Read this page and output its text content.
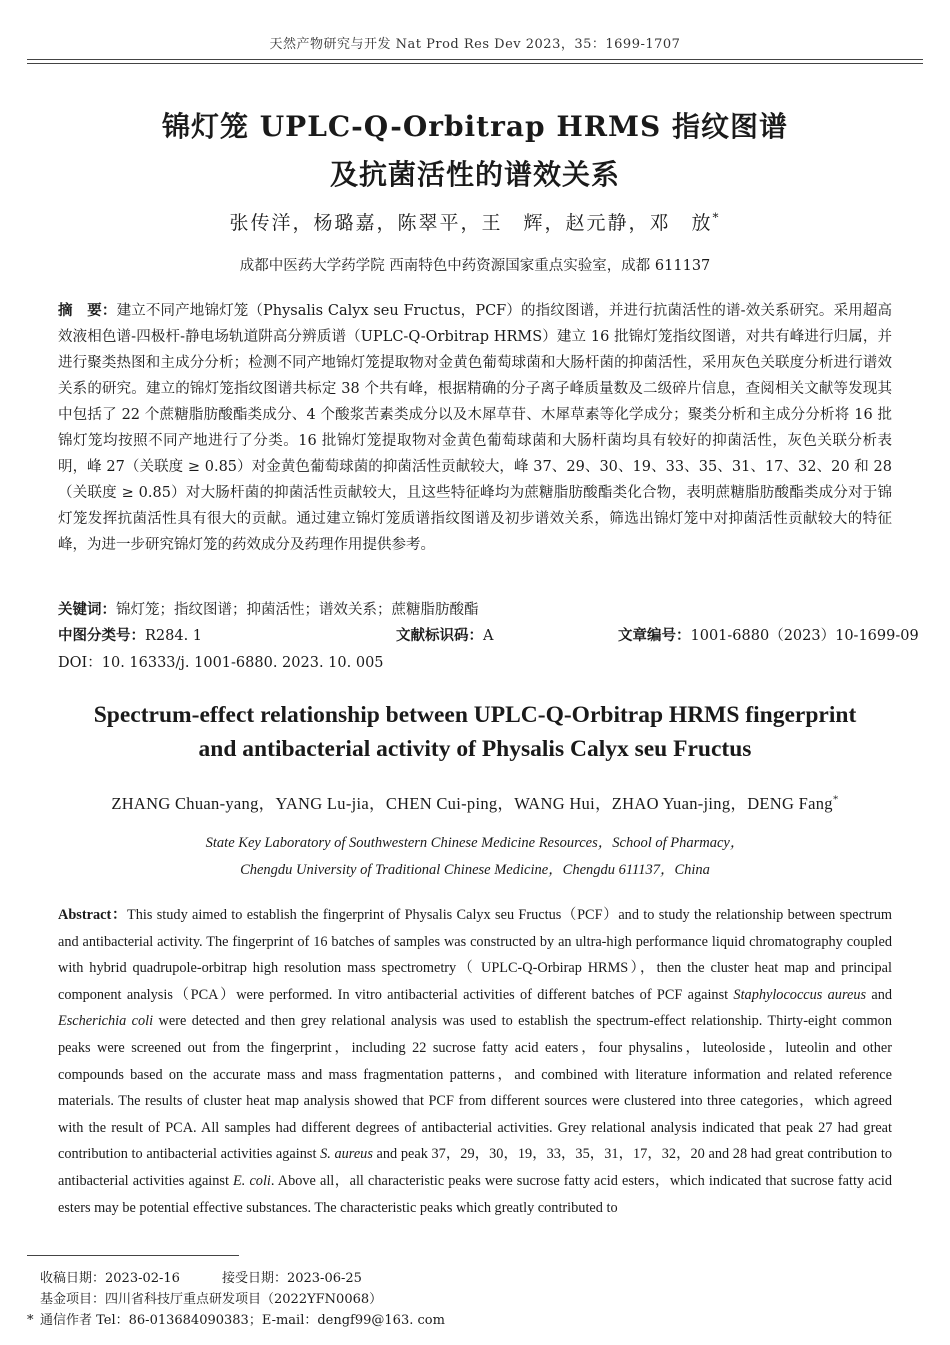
天然产物研究与开发 Nat Prod Res Dev 2023，35：1699-1707
锦灯笼 UPLC-Q-Orbitrap HRMS 指纹图谱
及抗菌活性的谱效关系
张传洋，杨璐嘉，陈翠平，王　辉，赵元静，邓　放*
成都中医药大学药学院 西南特色中药资源国家重点实验室，成都 611137
摘　要：建立不同产地锦灯笼（Physalis Calyx seu Fructus，PCF）的指纹图谱，并进行抗菌活性的谱-效关系研究。采用超高效液相色谱-四极杆-静电场轨道阱高分辨质谱（UPLC-Q-Orbitrap HRMS）建立 16 批锦灯笼指纹图谱，对共有峰进行归属，并进行聚类热图和主成分分析；检测不同产地锦灯笼提取物对金黄色葡萄球菌和大肠杆菌的抑菌活性，采用灰色关联度分析进行谱效关系的研究。建立的锦灯笼指纹图谱共标定 38 个共有峰，根据精确的分子离子峰质量数及二级碎片信息，查阅相关文献等发现其中包括了 22 个蔗糖脂肪酸酯类成分、4 个酸浆苦素类成分以及木犀草苷、木犀草素等化学成分；聚类分析和主成分分析将 16 批锦灯笼均按照不同产地进行了分类。16 批锦灯笼提取物对金黄色葡萄球菌和大肠杆菌均具有较好的抑菌活性，灰色关联分析表明，峰 27（关联度 ≥ 0.85）对金黄色葡萄球菌的抑菌活性贡献较大，峰 37、29、30、19、33、35、31、17、32、20 和 28（关联度 ≥ 0.85）对大肠杆菌的抑菌活性贡献较大，且这些特征峰均为蔗糖脂肪酸酯类化合物，表明蔗糖脂肪酸酯类成分对于锦灯笼发挥抗菌活性具有很大的贡献。通过建立锦灯笼质谱指纹图谱及初步谱效关系，筛选出锦灯笼中对抑菌活性贡献较大的特征峰，为进一步研究锦灯笼的药效成分及药理作用提供参考。
关键词：锦灯笼；指纹图谱；抑菌活性；谱效关系；蔗糖脂肪酸酯
中图分类号：R284. 1	文献标识码：A	文章编号：1001-6880（2023）10-1699-09
DOI：10. 16333/j. 1001-6880. 2023. 10. 005
Spectrum-effect relationship between UPLC-Q-Orbitrap HRMS fingerprint
and antibacterial activity of Physalis Calyx seu Fructus
ZHANG Chuan-yang，YANG Lu-jia，CHEN Cui-ping，WANG Hui，ZHAO Yuan-jing，DENG Fang*
State Key Laboratory of Southwestern Chinese Medicine Resources，School of Pharmacy，
Chengdu University of Traditional Chinese Medicine，Chengdu 611137，China
Abstract：This study aimed to establish the fingerprint of Physalis Calyx seu Fructus（PCF）and to study the relationship between spectrum and antibacterial activity. The fingerprint of 16 batches of samples was constructed by an ultra-high performance liquid chromatography coupled with hybrid quadrupole-orbitrap high resolution mass spectrometry（ UPLC-Q-Orbirap HRMS），then the cluster heat map and principal component analysis（PCA）were performed. In vitro antibacterial activities of different batches of PCF against Staphylococcus aureus and Escherichia coli were detected and then grey relational analysis was used to establish the spectrum-effect relationship. Thirty-eight common peaks were screened out from the fingerprint，including 22 sucrose fatty acid eaters，four physalins，luteoloside，luteolin and other compounds based on the accurate mass and mass fragmentation patterns，and combined with literature information and related reference materials. The results of cluster heat map analysis showed that PCF from different sources were clustered into three categories，which agreed with the result of PCA. All samples had different degrees of antibacterial activities. Grey relational analysis indicated that peak 27 had great contribution to antibacterial activities against S. aureus and peak 37，29，30，19，33，35，31，17，32，20 and 28 had great contribution to antibacterial activities against E. coli. Above all，all characteristic peaks were sucrose fatty acid esters，which indicated that sucrose fatty acid esters may be potential effective substances. The characteristic peaks which greatly contributed to
收稿日期：2023-02-16	接受日期：2023-06-25
基金项目：四川省科技厅重点研发项目（2022YFN0068）
* 通信作者 Tel：86-013684090383；E-mail：dengf99@163. com
